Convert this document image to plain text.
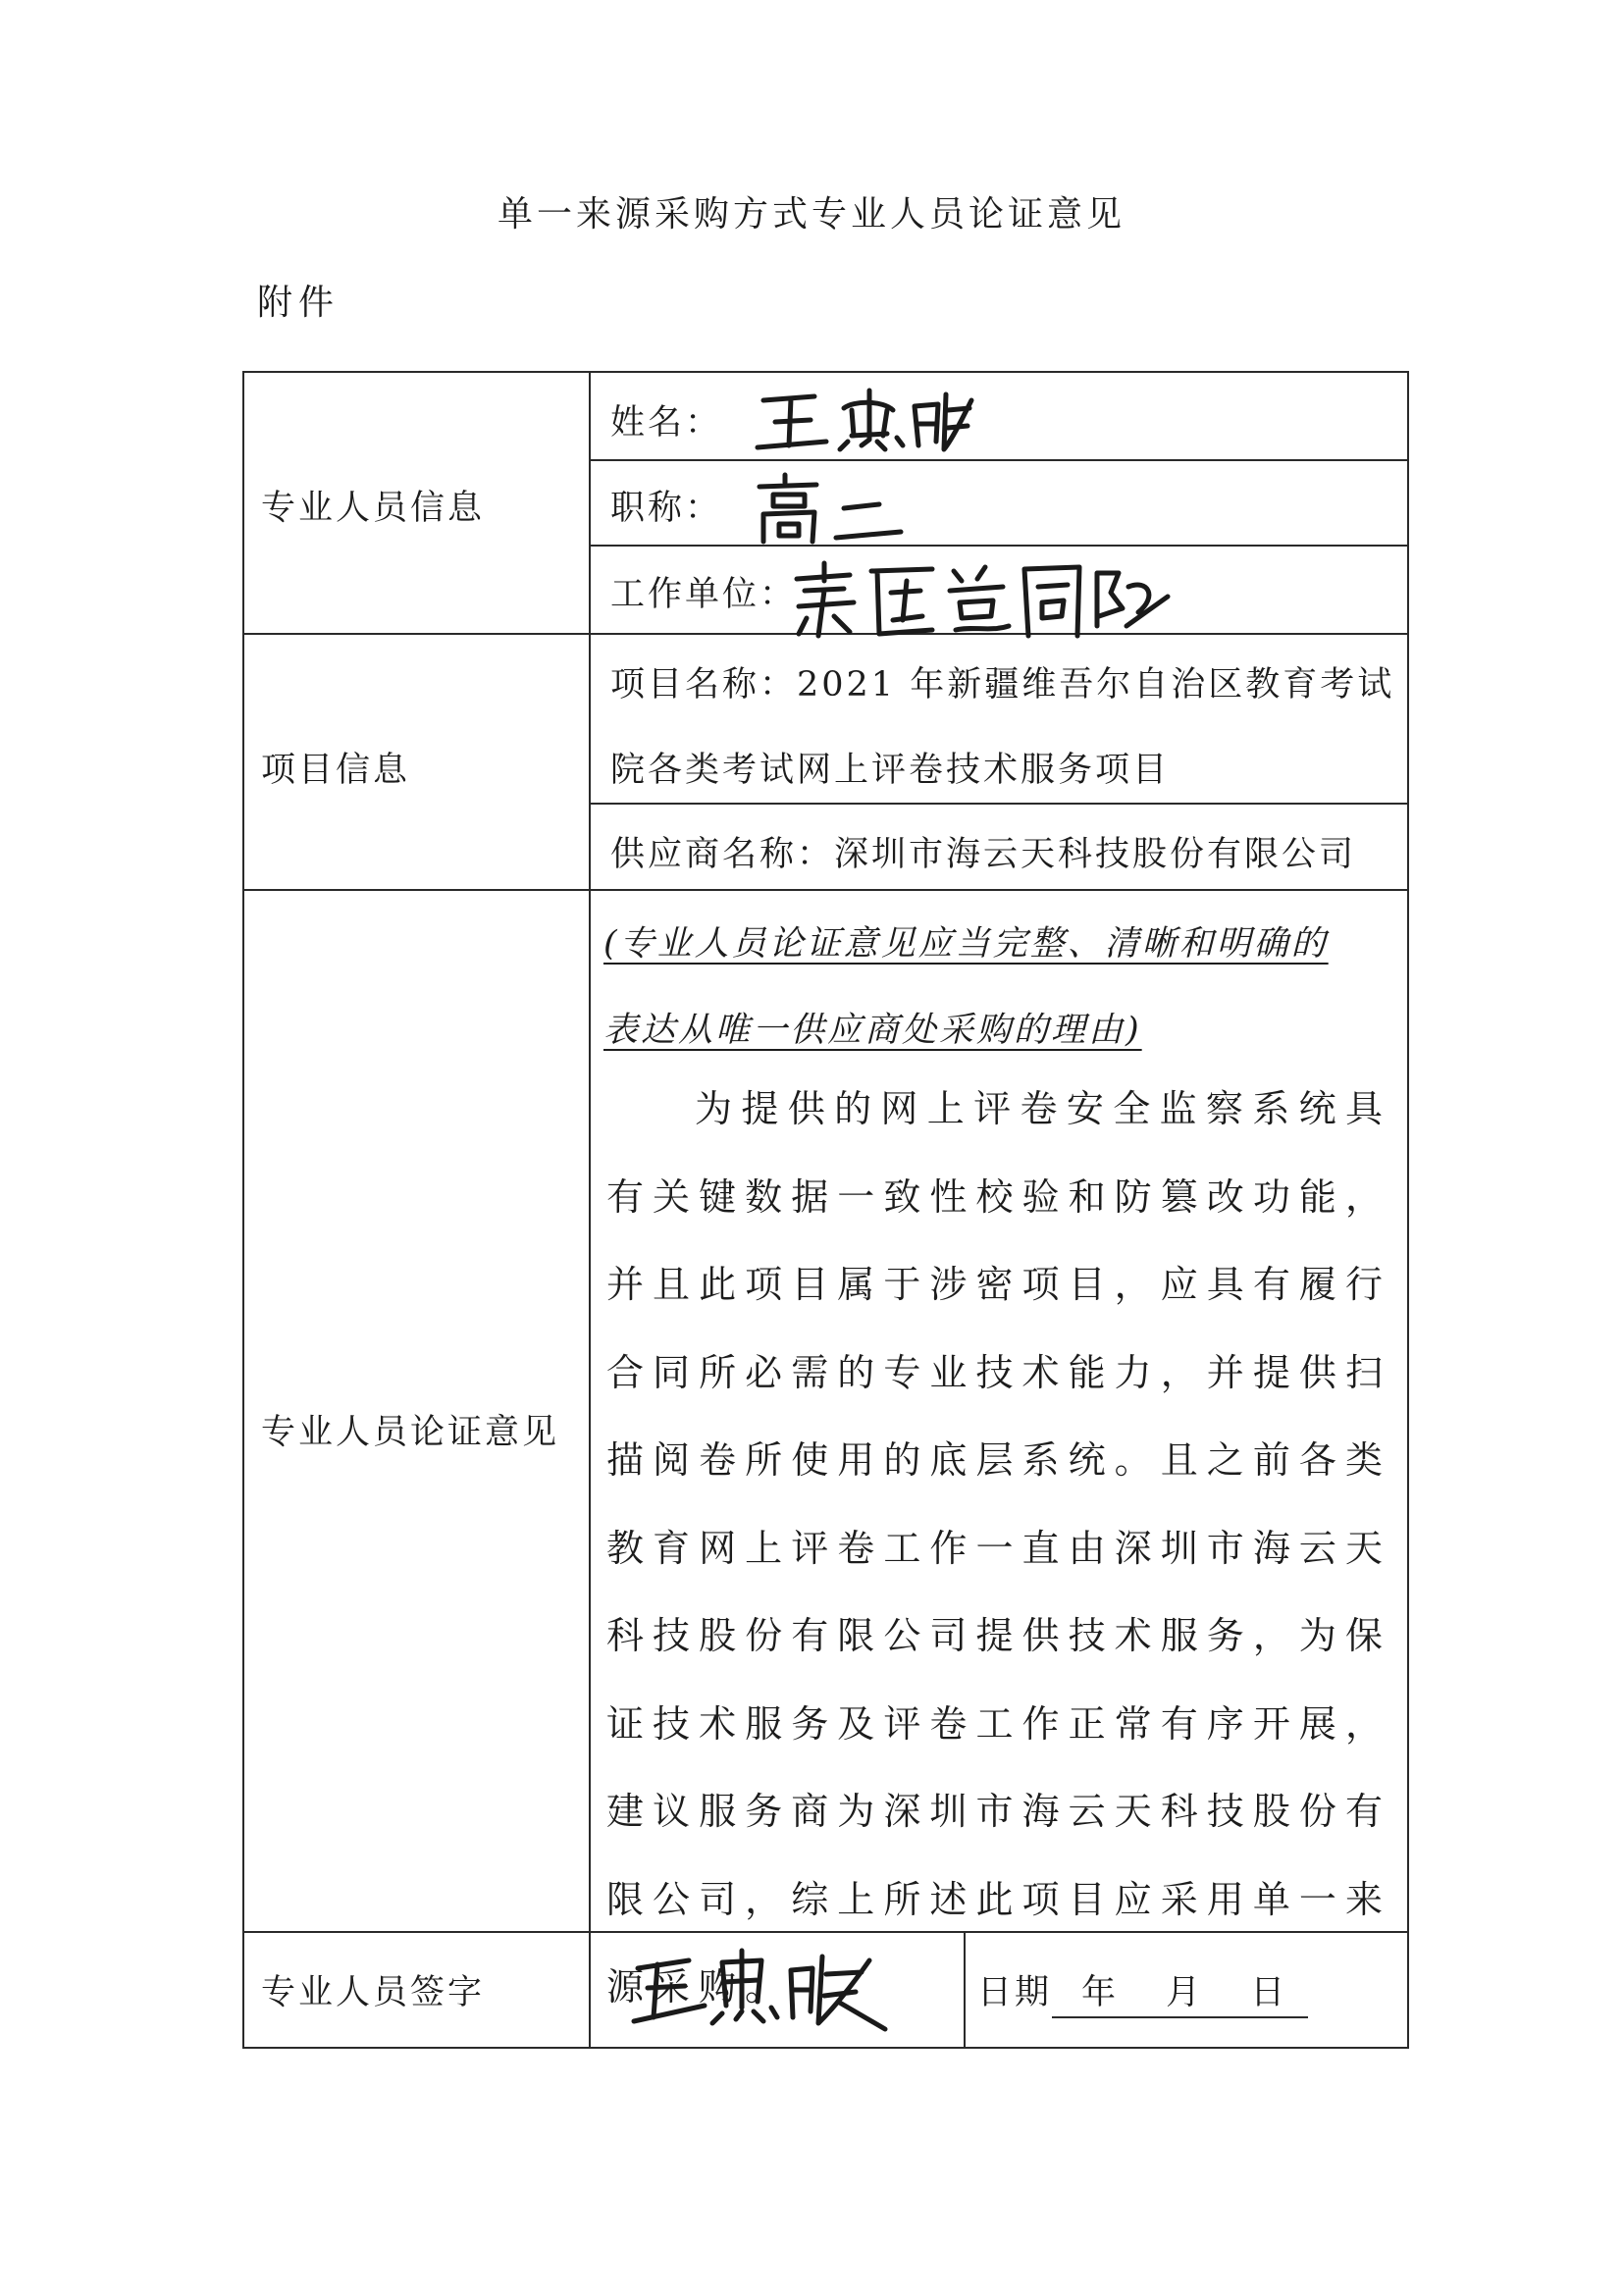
单一来源采购方式专业人员论证意见
附件
专业人员信息
姓名：
职称：
工作单位：
项目信息
项目名称：2021 年新疆维吾尔自治区教育考试
院各类考试网上评卷技术服务项目
供应商名称：深圳市海云天科技股份有限公司
专业人员论证意见
(专业人员论证意见应当完整、清晰和明确的
表达从唯一供应商处采购的理由)
为提供的网上评卷安全监察系统具有关键数据一致性校验和防篡改功能，并且此项目属于涉密项目，应具有履行合同所必需的专业技术能力，并提供扫描阅卷所使用的底层系统。且之前各类教育网上评卷工作一直由深圳市海云天科技股份有限公司提供技术服务，为保证技术服务及评卷工作正常有序开展，建议服务商为深圳市海云天科技股份有限公司，综上所述此项目应采用单一来源采购。
专业人员签字	日期 年 月 日
